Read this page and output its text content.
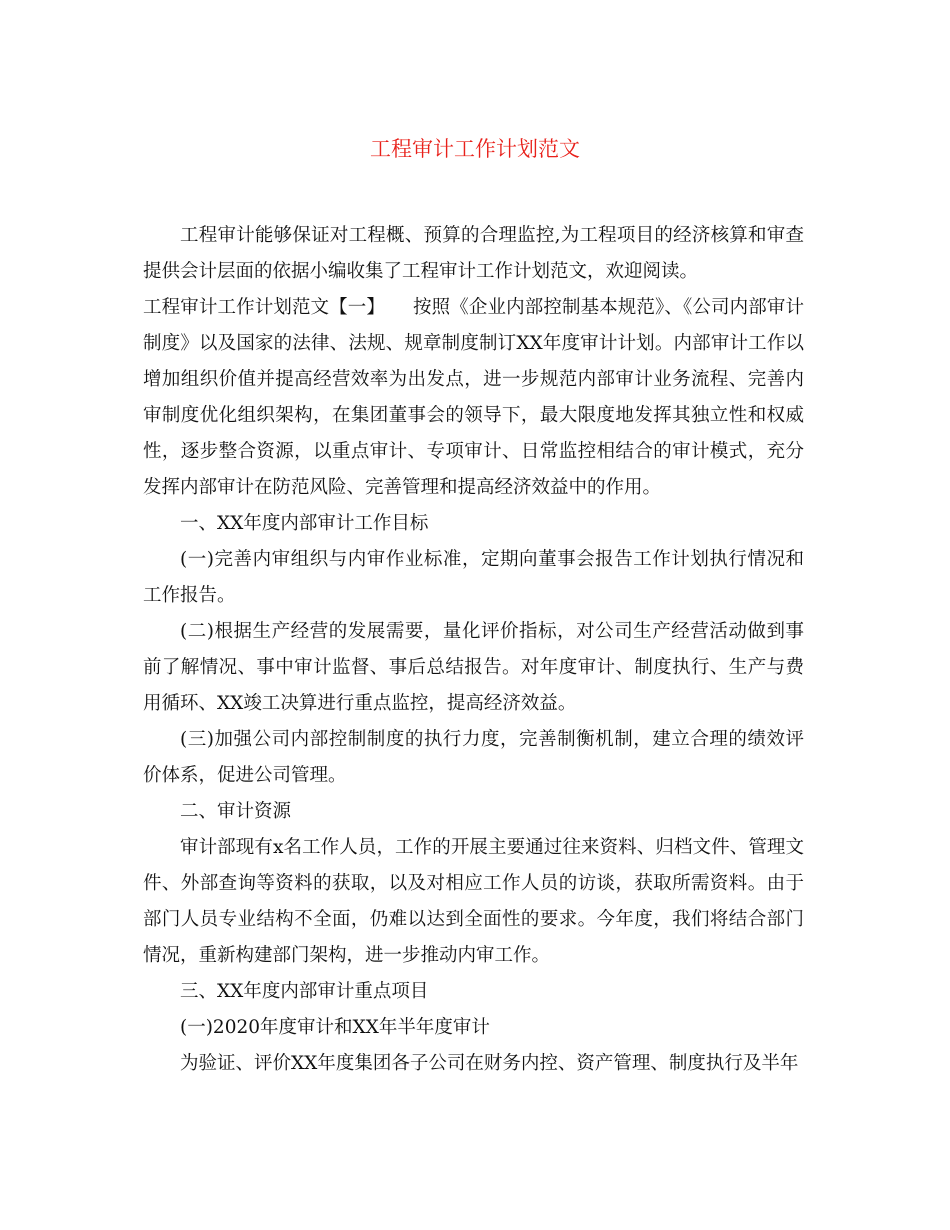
工程审计工作计划范文

工程审计能够保证对工程概、预算的合理监控,为工程项目的经济核算和审查提供会计层面的依据小编收集了工程审计工作计划范文，欢迎阅读。

工程审计工作计划范文【一】　　按照《企业内部控制基本规范》、《公司内部审计制度》以及国家的法律、法规、规章制度制订XX年度审计计划。内部审计工作以增加组织价值并提高经营效率为出发点，进一步规范内部审计业务流程、完善内审制度优化组织架构，在集团董事会的领导下，最大限度地发挥其独立性和权威性，逐步整合资源，以重点审计、专项审计、日常监控相结合的审计模式，充分发挥内部审计在防范风险、完善管理和提高经济效益中的作用。

一、XX年度内部审计工作目标

(一)完善内审组织与内审作业标准，定期向董事会报告工作计划执行情况和工作报告。

(二)根据生产经营的发展需要，量化评价指标，对公司生产经营活动做到事前了解情况、事中审计监督、事后总结报告。对年度审计、制度执行、生产与费用循环、XX竣工决算进行重点监控，提高经济效益。

(三)加强公司内部控制制度的执行力度，完善制衡机制，建立合理的绩效评价体系，促进公司管理。

二、审计资源

审计部现有x名工作人员，工作的开展主要通过往来资料、归档文件、管理文件、外部查询等资料的获取，以及对相应工作人员的访谈，获取所需资料。由于部门人员专业结构不全面，仍难以达到全面性的要求。今年度，我们将结合部门情况，重新构建部门架构，进一步推动内审工作。

三、XX年度内部审计重点项目

(一)2020年度审计和XX年半年度审计

为验证、评价XX年度集团各子公司在财务内控、资产管理、制度执行及半年
